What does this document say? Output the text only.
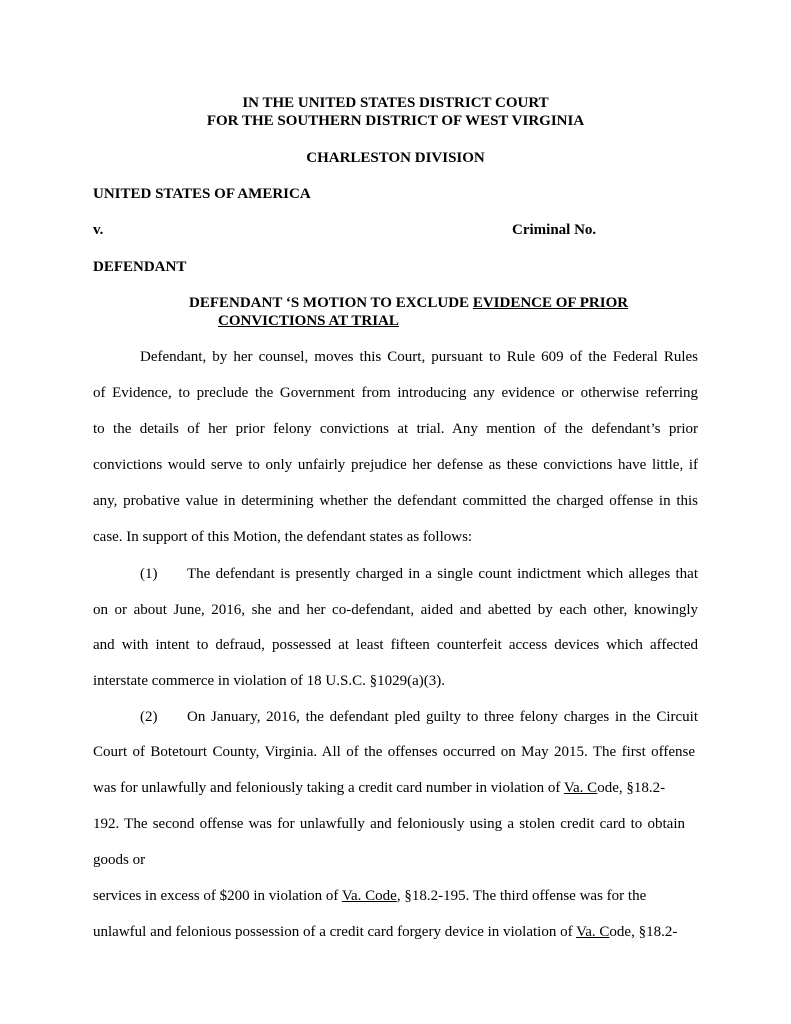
IN THE UNITED STATES DISTRICT COURT
FOR THE SOUTHERN DISTRICT OF WEST VIRGINIA
CHARLESTON DIVISION
UNITED STATES OF AMERICA
v.	Criminal No.
DEFENDANT
DEFENDANT ‘S MOTION TO EXCLUDE EVIDENCE OF PRIOR
CONVICTIONS AT TRIAL
Defendant, by her counsel, moves this Court, pursuant to Rule 609 of the Federal Rules
of Evidence, to preclude the Government from introducing any evidence or otherwise referring
to the details of her prior felony convictions at trial. Any mention of the defendant’s prior
convictions would serve to only unfairly prejudice her defense as these convictions have little, if
any, probative value in determining whether the defendant committed the charged offense in this
case. In support of this Motion, the defendant states as follows:
(1) The defendant is presently charged in a single count indictment which alleges that
on or about June, 2016, she and her co-defendant, aided and abetted by each other, knowingly
and with intent to defraud, possessed at least fifteen counterfeit access devices which affected
interstate commerce in violation of 18 U.S.C. §1029(a)(3).
(2) On January, 2016, the defendant pled guilty to three felony charges in the Circuit
Court of Botetourt County, Virginia. All of the offenses occurred on May 2015. The first offense
was for unlawfully and feloniously taking a credit card number in violation of Va. Code, §18.2-
192. The second offense was for unlawfully and feloniously using a stolen credit card to obtain
goods or
services in excess of $200 in violation of Va. Code, §18.2-195. The third offense was for the
unlawful and felonious possession of a credit card forgery device in violation of Va. Code, §18.2-
